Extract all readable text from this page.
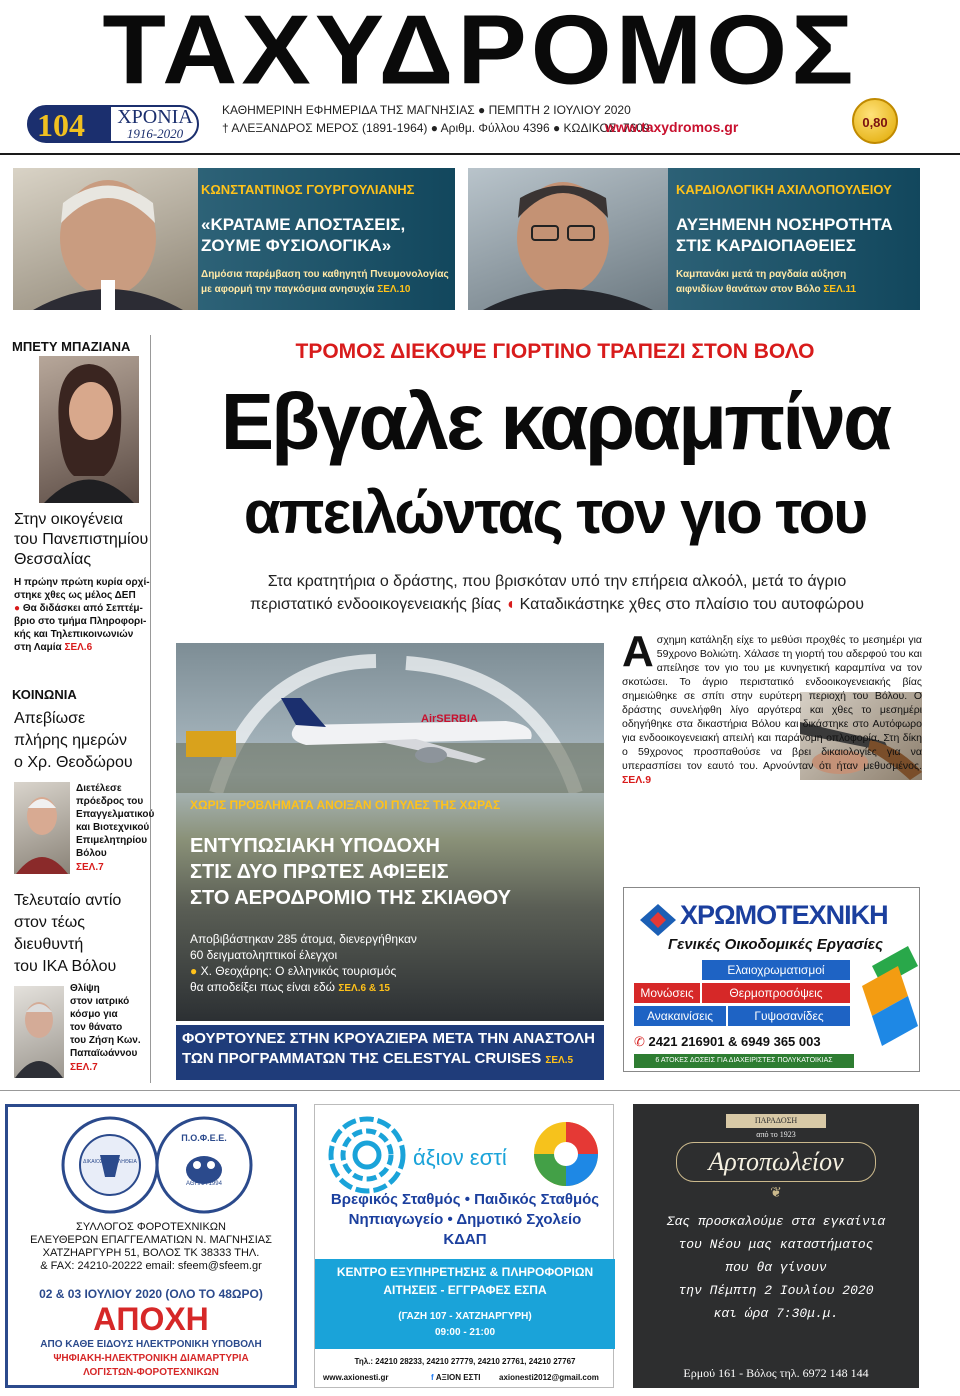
ΤΑΧΥΔΡΟΜΟΣ
104	ΧΡΟΝΙΑ
1916-2020
ΚΑΘΗΜΕΡΙΝΗ ΕΦΗΜΕΡΙΔΑ ΤΗΣ ΜΑΓΝΗΣΙΑΣ ● ΠΕΜΠΤΗ 2 ΙΟΥΛΙΟΥ 2020
† ΑΛΕΞΑΝΔΡΟΣ ΜΕΡΟΣ (1891-1964) ● Αριθμ. Φύλλου 4396 ● ΚΩΔΙΚΟΣ: 7609
www.taxydromos.gr	0,80
ΚΩΝΣΤΑΝΤΙΝΟΣ ΓΟΥΡΓΟΥΛΙΑΝΗΣ
«ΚΡΑΤΑΜΕ ΑΠΟΣΤΑΣΕΙΣ,
ΖΟΥΜΕ ΦΥΣΙΟΛΟΓΙΚΑ»
Δημόσια παρέμβαση του καθηγητή Πνευμονολογίας
με αφορμή την παγκόσμια ανησυχία ΣΕΛ.10
ΚΑΡΔΙΟΛΟΓΙΚΗ ΑΧΙΛΛΟΠΟΥΛΕΙΟΥ
ΑΥΞΗΜΕΝΗ ΝΟΣΗΡΟΤΗΤΑ
ΣΤΙΣ ΚΑΡΔΙΟΠΑΘΕΙΕΣ
Καμπανάκι μετά τη ραγδαία αύξηση
αιφνιδίων θανάτων στον Βόλο ΣΕΛ.11
ΜΠΕΤΥ ΜΠΑΖΙΑΝΑ
Στην οικογένεια
του Πανεπιστημίου
Θεσσαλίας
Η πρώην πρώτη κυρία ορχί-
στηκε χθες ως μέλος ΔΕΠ
● Θα διδάσκει από Σεπτέμ-
βριο στο τμήμα Πληροφορι-
κής και Τηλεπικοινωνιών
στη Λαμία ΣΕΛ.6
ΚΟΙΝΩΝΙΑ
Απεβίωσε
πλήρης ημερών
ο Χρ. Θεοδώρου
Διετέλεσε
πρόεδρος του
Επαγγελματικού
και Βιοτεχνικού
Επιμελητηρίου
Βόλου
ΣΕΛ.7
Τελευταίο αντίο
στον τέως
διευθυντή
του ΙΚΑ Βόλου
Θλίψη
στον ιατρικό
κόσμο για
τον θάνατο
του Ζήση Κων.
Παπαϊωάννου
ΣΕΛ.7
ΤΡΟΜΟΣ ΔΙΕΚΟΨΕ ΓΙΟΡΤΙΝΟ ΤΡΑΠΕΖΙ ΣΤΟΝ ΒΟΛΟ
Εβγαλε καραμπίνα
απειλώντας τον γιο του
Στα κρατητήρια ο δράστης, που βρισκόταν υπό την επήρεια αλκοόλ, μετά το άγριο
περιστατικό ενδοοικογενειακής βίας ◖ Καταδικάστηκε χθες στο πλαίσιο του αυτοφώρου
Ασχημη κατάληξη είχε το μεθύσι προχθές το μεσημέρι για 59χρονο Βολιώτη. Χάλασε τη γιορτή του αδερφού του και απείλησε τον γιο του με κυνηγετική καραμπίνα να τον σκοτώσει. Το άγριο περιστατικό ενδοοικογενειακής βίας σημειώθηκε σε σπίτι στην ευρύτερη περιοχή του Βόλου. Ο δράστης συνελήφθη λίγο αργότερα και χθες το μεσημέρι οδηγήθηκε στα δικαστήρια Βόλου και δικάστηκε στο Αυτόφωρο για ενδοοικογενειακή απειλή και παράνομη οπλοφορία. Στη δίκη ο 59χρονος προσπαθούσε να βρει δικαιολογίες για να υπερασπίσει τον εαυτό του. Αρνούνταν ότι ήταν μεθυσμένος. ΣΕΛ.9
AirSERBIA
ΧΩΡΙΣ ΠΡΟΒΛΗΜΑΤΑ ΑΝΟΙΞΑΝ ΟΙ ΠΥΛΕΣ ΤΗΣ ΧΩΡΑΣ
ΕΝΤΥΠΩΣΙΑΚΗ ΥΠΟΔΟΧΗ
ΣΤΙΣ ΔΥΟ ΠΡΩΤΕΣ ΑΦΙΞΕΙΣ
ΣΤΟ ΑΕΡΟΔΡΟΜΙΟ ΤΗΣ ΣΚΙΑΘΟΥ
Αποβιβάστηκαν 285 άτομα, διενεργήθηκαν
60 δειγματοληπτικοί έλεγχοι
● Χ. Θεοχάρης: Ο ελληνικός τουρισμός
θα αποδείξει πως είναι εδώ ΣΕΛ.6 & 15
ΦΟΥΡΤΟΥΝΕΣ ΣΤΗΝ ΚΡΟΥΑΖΙΕΡΑ ΜΕΤΑ ΤΗΝ ΑΝΑΣΤΟΛΗ
ΤΩΝ ΠΡΟΓΡΑΜΜΑΤΩΝ ΤΗΣ CELESTYAL CRUISES ΣΕΛ.5
ΧΡΩΜΟΤΕΧΝΙΚΗ
Γενικές Οικοδομικές Εργασίες
Ελαιοχρωματισμοί
Μονώσεις	Θερμοπροσόψεις
Ανακαινίσεις	Γυψοσανίδες
✆ 2421 216901 & 6949 365 003
6 ΑΤΟΚΕΣ ΔΟΣΕΙΣ ΓΙΑ ΔΙΑΧΕΙΡΙΣΤΕΣ ΠΟΛΥΚΑΤΟΙΚΙΑΣ
ΔΙΚΑΙΟΣΥΝΗ ΑΛΗΘΕΙΑ
Π.Ο.Φ.Ε.Ε.
ΑΘΗΝΑ 1994
ΣΥΛΛΟΓΟΣ ΦΟΡΟΤΕΧΝΙΚΩΝ
ΕΛΕΥΘΕΡΩΝ ΕΠΑΓΓΕΛΜΑΤΙΩΝ Ν. ΜΑΓΝΗΣΙΑΣ
ΧΑΤΖΗΑΡΓΥΡΗ 51, ΒΟΛΟΣ ΤΚ 38333 ΤΗΛ.
& FAX: 24210-20222 email: sfeem@sfeem.gr
02 & 03 ΙΟΥΛΙΟΥ 2020 (ΟΛΟ ΤΟ 48ΩΡΟ)
ΑΠΟΧΗ
ΑΠΟ ΚΑΘΕ ΕΙΔΟΥΣ ΗΛΕΚΤΡΟΝΙΚΗ ΥΠΟΒΟΛΗ
ΨΗΦΙΑΚΗ-ΗΛΕΚΤΡΟΝΙΚΗ ΔΙΑΜΑΡΤΥΡΙΑ
ΛΟΓΙΣΤΩΝ-ΦΟΡΟΤΕΧΝΙΚΩΝ
άξιον εστί
Βρεφικός Σταθμός • Παιδικός Σταθμός
Νηπιαγωγείο • Δημοτικό Σχολείο
ΚΔΑΠ
ΚΕΝΤΡΟ ΕΞΥΠΗΡΕΤΗΣΗΣ & ΠΛΗΡΟΦΟΡΙΩΝ
ΑΙΤΗΣΕΙΣ - ΕΓΓΡΑΦΕΣ ΕΣΠΑ
(ΓΑΖΗ 107 - ΧΑΤΖΗΑΡΓΥΡΗ)
09:00 - 21:00
Τηλ.: 24210 28233, 24210 27779, 24210 27761, 24210 27767
www.axionesti.gr	f ΑΞΙΟΝ ΕΣΤΙ axionesti2012@gmail.com
ΠΑΡΑΔΟΣΗ
από το 1923
Αρτοπωλείον
❦
Σας προσκαλούμε στα εγκαίνια
του Νέου μας καταστήματος
που θα γίνουν
την Πέμπτη 2 Ιουλίου 2020
και ώρα 7:30μ.μ.
Ερμού 161 - Βόλος τηλ. 6972 148 144
